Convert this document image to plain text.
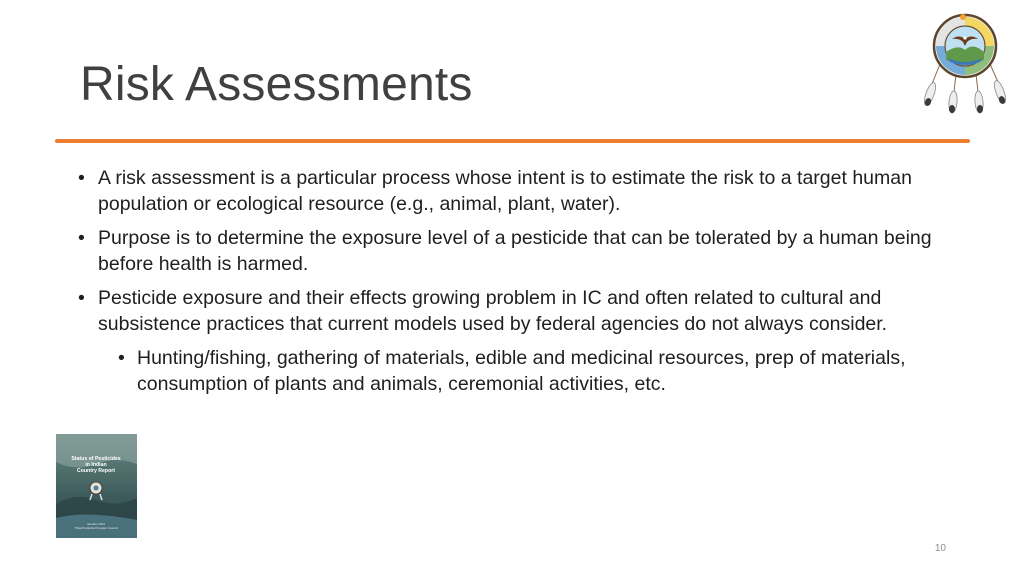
Risk Assessments
• A risk assessment is a particular process whose intent is to estimate the risk to a target human population or ecological resource (e.g., animal, plant, water).
• Purpose is to determine the exposure level of a pesticide that can be tolerated by a human being before health is harmed.
• Pesticide exposure and their effects growing problem in IC and often related to cultural and subsistence practices that current models used by federal agencies do not always consider.
• Hunting/fishing, gathering of materials, edible and medicinal resources, prep of materials, consumption of plants and animals, ceremonial activities, etc.
Status of Pesticides
in Indian
Country Report
January 2021
Tribal Pesticide Program Council
10
